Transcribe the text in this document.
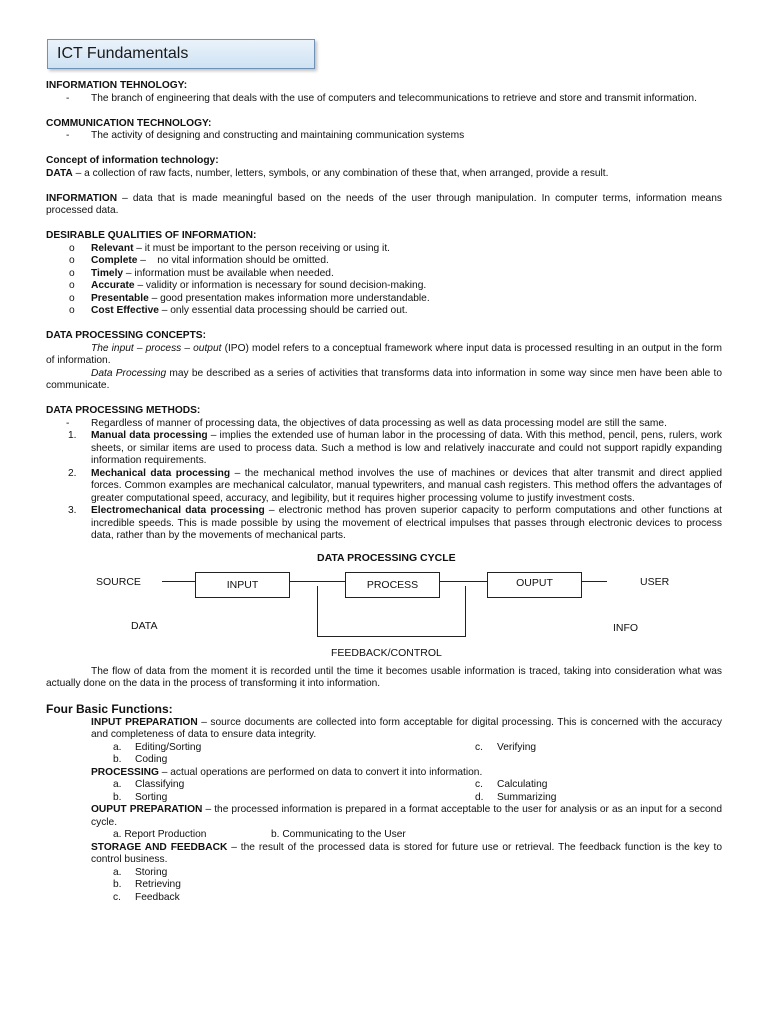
ICT Fundamentals
INFORMATION TEHNOLOGY:
-	The branch of engineering that deals with the use of computers and telecommunications to retrieve and store and transmit information.
COMMUNICATION TECHNOLOGY:
-	The activity of designing and constructing and maintaining communication systems
Concept of information technology:
DATA – a collection of raw facts, number, letters, symbols, or any combination of these that, when arranged, provide a result.
INFORMATION – data that is made meaningful based on the needs of the user through manipulation. In computer terms, information means processed data.
DESIRABLE QUALITIES OF INFORMATION:
o	Relevant – it must be important to the person receiving or using it.
o	Complete –    no vital information should be omitted.
o	Timely – information must be available when needed.
o	Accurate – validity or information is necessary for sound decision-making.
o	Presentable – good presentation makes information more understandable.
o	Cost Effective – only essential data processing should be carried out.
DATA PROCESSING CONCEPTS:
The input – process – output (IPO) model refers to a conceptual framework where input data is processed resulting in an output in the form of information.
Data Processing may be described as a series of activities that transforms data into information in some way since men have been able to communicate.
DATA PROCESSING METHODS:
-	Regardless of manner of processing data, the objectives of data processing as well as data processing model are still the same.
1.	Manual data processing – implies the extended use of human labor in the processing of data. With this method, pencil, pens, rulers, work sheets, or similar items are used to process data. Such a method is low and relatively inaccurate and could not support rapidly expanding information requirements.
2.	Mechanical data processing – the mechanical method involves the use of machines or devices that alter transmit and direct applied forces. Common examples are mechanical calculator, manual typewriters, and manual cash registers. This method offers the advantages of greater computational speed, accuracy, and legibility, but it requires higher processing volume to justify investment costs.
3.	Electromechanical data processing – electronic method has proven superior capacity to perform computations and other functions at incredible speeds. This is made possible by using the movement of electrical impulses that passes through electronic devices to process data, rather than by the movements of mechanical parts.
DATA PROCESSING CYCLE
SOURCE	INPUT	PROCESS	OUPUT	USER
DATA	INFO
FEEDBACK/CONTROL
The flow of data from the moment it is recorded until the time it becomes usable information is traced, taking into consideration what was actually done on the data in the process of transforming it into information.
Four Basic Functions:
INPUT PREPARATION – source documents are collected into form acceptable for digital processing. This is concerned with the accuracy and completeness of data to ensure data integrity.
a.	Editing/Sorting	c.	Verifying
b.	Coding
PROCESSING – actual operations are performed on data to convert it into information.
a.	Classifying	c.	Calculating
b.	Sorting	d.	Summarizing
OUPUT PREPARATION – the processed information is prepared in a format acceptable to the user for analysis or as an input for a second cycle.
a. Report Production	b. Communicating to the User
STORAGE AND FEEDBACK – the result of the processed data is stored for future use or retrieval. The feedback function is the key to control business.
a.	Storing
b.	Retrieving
c.	Feedback
